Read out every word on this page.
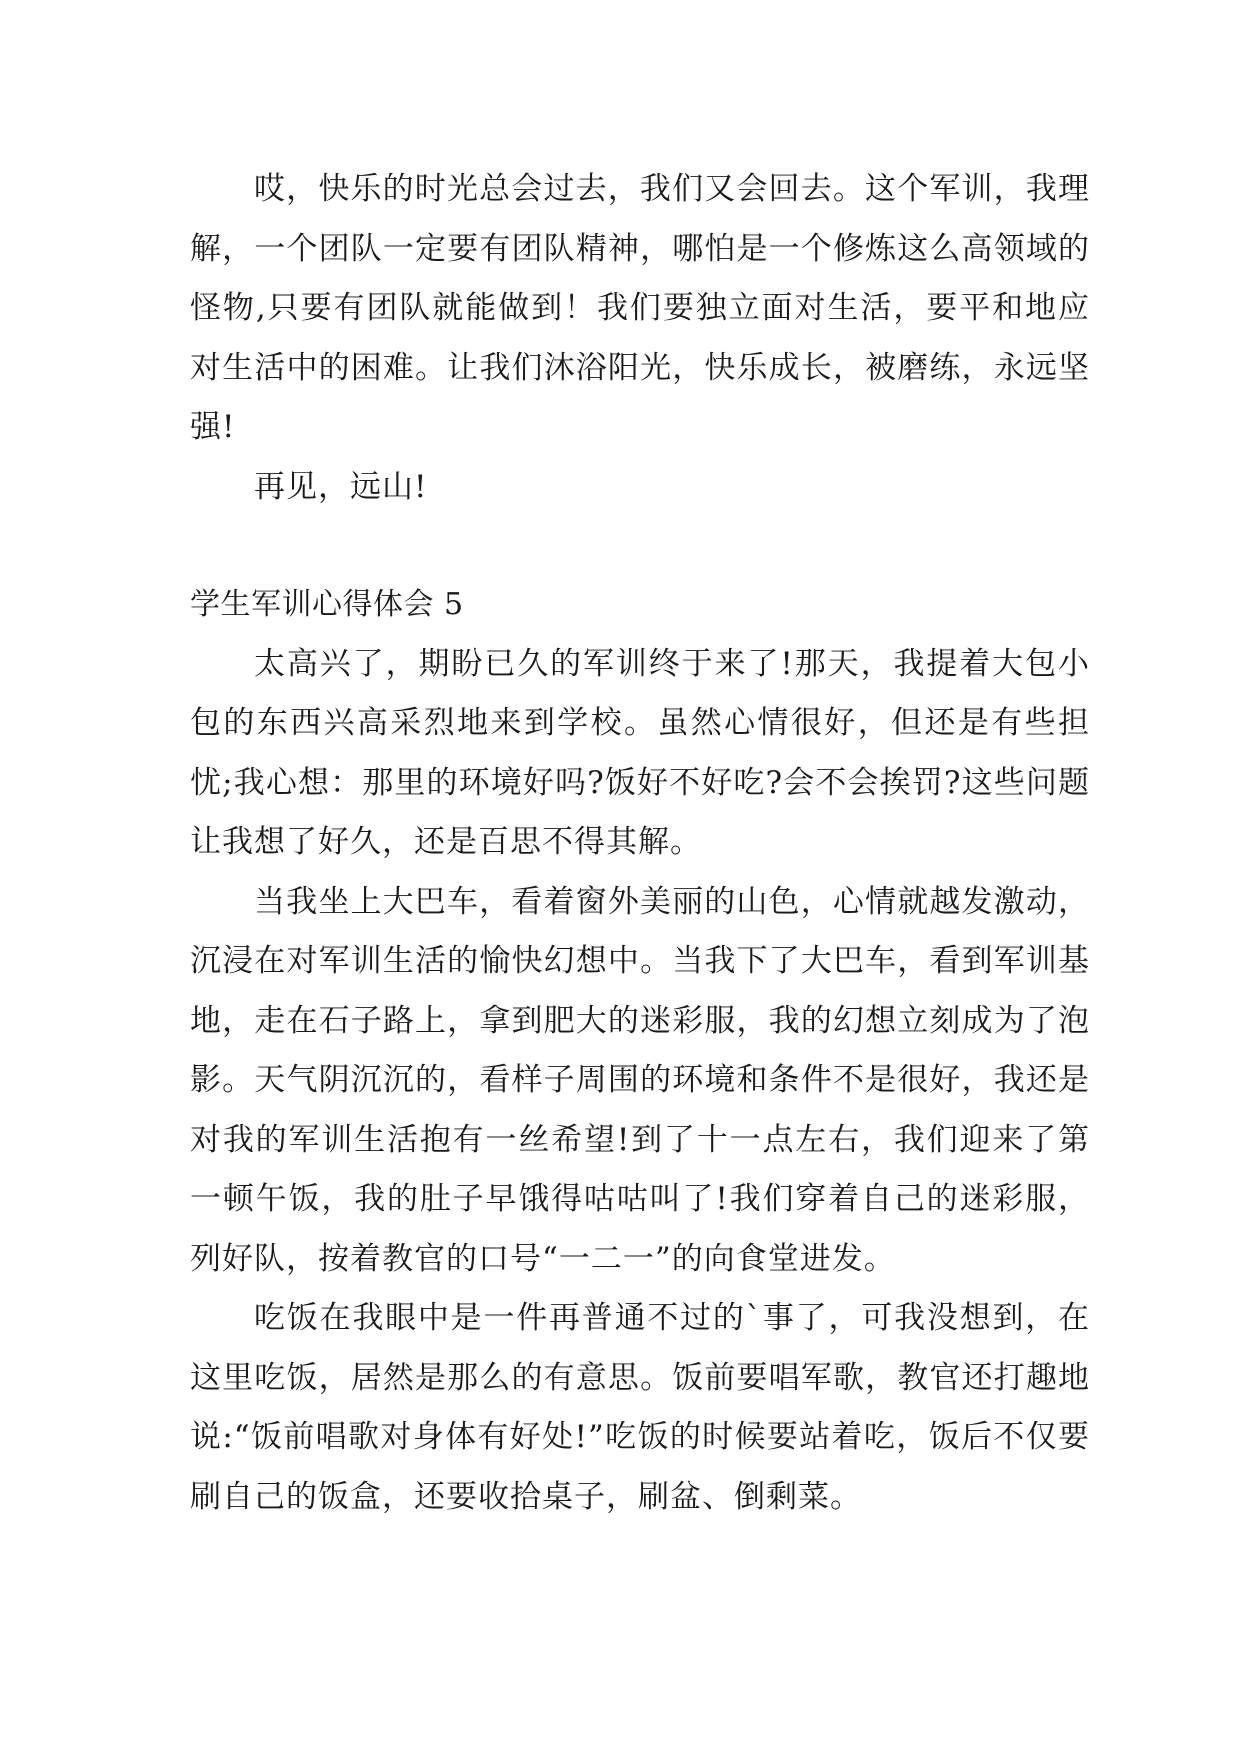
哎，快乐的时光总会过去，我们又会回去。这个军训，我理解，一个团队一定要有团队精神，哪怕是一个修炼这么高领域的怪物,只要有团队就能做到！我们要独立面对生活，要平和地应对生活中的困难。让我们沐浴阳光，快乐成长，被磨练，永远坚强!

再见，远山!

学生军训心得体会 5

太高兴了，期盼已久的军训终于来了!那天，我提着大包小包的东西兴高采烈地来到学校。虽然心情很好，但还是有些担忧;我心想：那里的环境好吗?饭好不好吃?会不会挨罚?这些问题让我想了好久，还是百思不得其解。

当我坐上大巴车，看着窗外美丽的山色，心情就越发激动，沉浸在对军训生活的愉快幻想中。当我下了大巴车，看到军训基地，走在石子路上，拿到肥大的迷彩服，我的幻想立刻成为了泡影。天气阴沉沉的，看样子周围的环境和条件不是很好，我还是对我的军训生活抱有一丝希望!到了十一点左右，我们迎来了第一顿午饭，我的肚子早饿得咕咕叫了!我们穿着自己的迷彩服，列好队，按着教官的口号“一二一”的向食堂进发。

吃饭在我眼中是一件再普通不过的`事了，可我没想到，在这里吃饭，居然是那么的有意思。饭前要唱军歌，教官还打趣地说:“饭前唱歌对身体有好处!”吃饭的时候要站着吃，饭后不仅要刷自己的饭盒，还要收拾桌子，刷盆、倒剩菜。
